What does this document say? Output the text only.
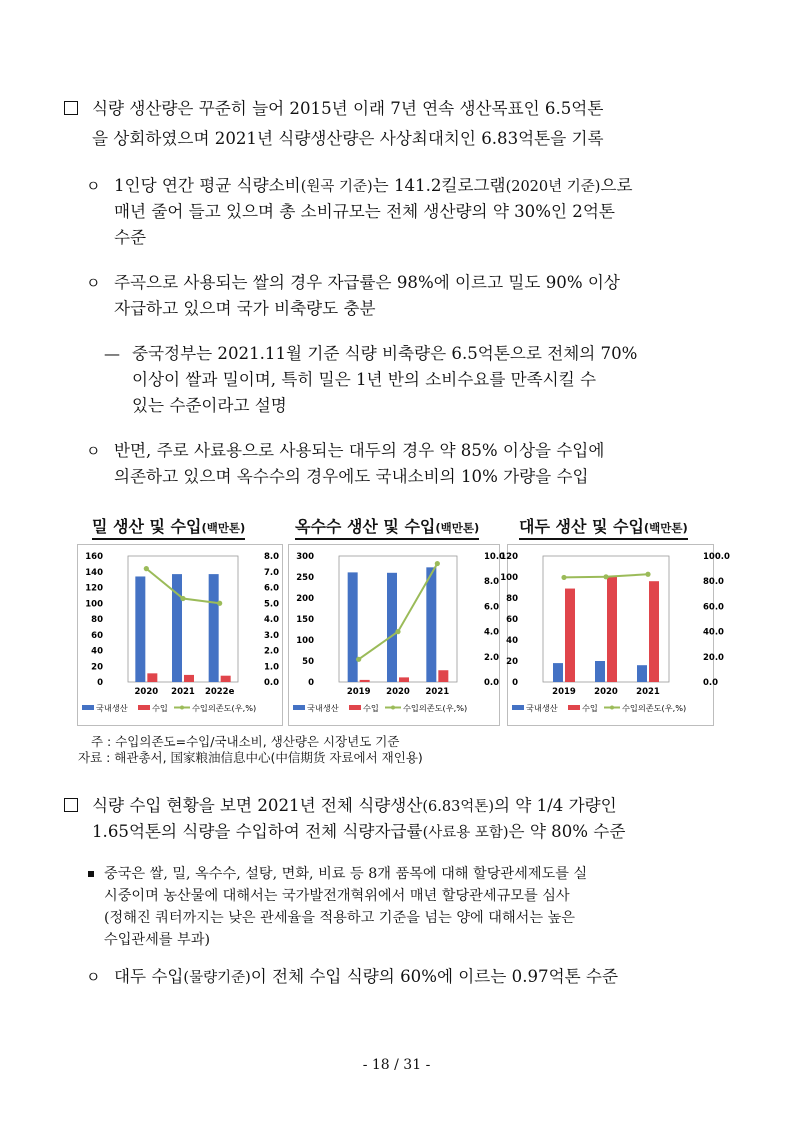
식량 생산량은 꾸준히 늘어 2015년 이래 7년 연속 생산목표인 6.5억톤
을 상회하였으며 2021년 식량생산량은 사상최대치인 6.83억톤을 기록
ㅇ 1인당 연간 평균 식량소비(원곡 기준)는 141.2킬로그램(2020년 기준)으로
매년 줄어 들고 있으며 총 소비규모는 전체 생산량의 약 30%인 2억톤
수준
ㅇ 주곡으로 사용되는 쌀의 경우 자급률은 98%에 이르고 밀도 90% 이상
자급하고 있으며 국가 비축량도 충분
— 중국정부는 2021.11월 기준 식량 비축량은 6.5억톤으로 전체의 70%
이상이 쌀과 밀이며, 특히 밀은 1년 반의 소비수요를 만족시킬 수
있는 수준이라고 설명
ㅇ 반면, 주로 사료용으로 사용되는 대두의 경우 약 85% 이상을 수입에
의존하고 있으며 옥수수의 경우에도 국내소비의 10% 가량을 수입
밀 생산 및 수입(백만톤)	옥수수 생산 및 수입(백만톤) 대두 생산 및 수입(백만톤)
0
20
40
60
80
100
120
140
160
0.0
1.0
2.0
3.0
4.0
5.0
6.0
7.0
8.0
2020 2021 2022e
국내생산	수입	수입의존도(우,%)
0
50
100
150
200
250
300
0.0
2.0
4.0
6.0
8.0
10.0
2019 2020 2021
국내생산	수입	수입의존도(우,%)
0
20
40
60
80
100
120
0.0
20.0
40.0
60.0
80.0
100.0
2019 2020 2021
국내생산	수입	수입의존도(우,%)
주 : 수입의존도=수입/국내소비, 생산량은 시장년도 기준
자료 : 해관총서, 国家粮油信息中心(中信期货 자료에서 재인용)
식량 수입 현황을 보면 2021년 전체 식량생산(6.83억톤)의 약 1/4 가량인
1.65억톤의 식량을 수입하여 전체 식량자급률(사료용 포함)은 약 80% 수준
중국은 쌀, 밀, 옥수수, 설탕, 면화, 비료 등 8개 품목에 대해 할당관세제도를 실
시중이며 농산물에 대해서는 국가발전개혁위에서 매년 할당관세규모를 심사
(정해진 쿼터까지는 낮은 관세율을 적용하고 기준을 넘는 양에 대해서는 높은
수입관세를 부과)
ㅇ 대두 수입(물량기준)이 전체 수입 식량의 60%에 이르는 0.97억톤 수준
- 18 / 31 -
